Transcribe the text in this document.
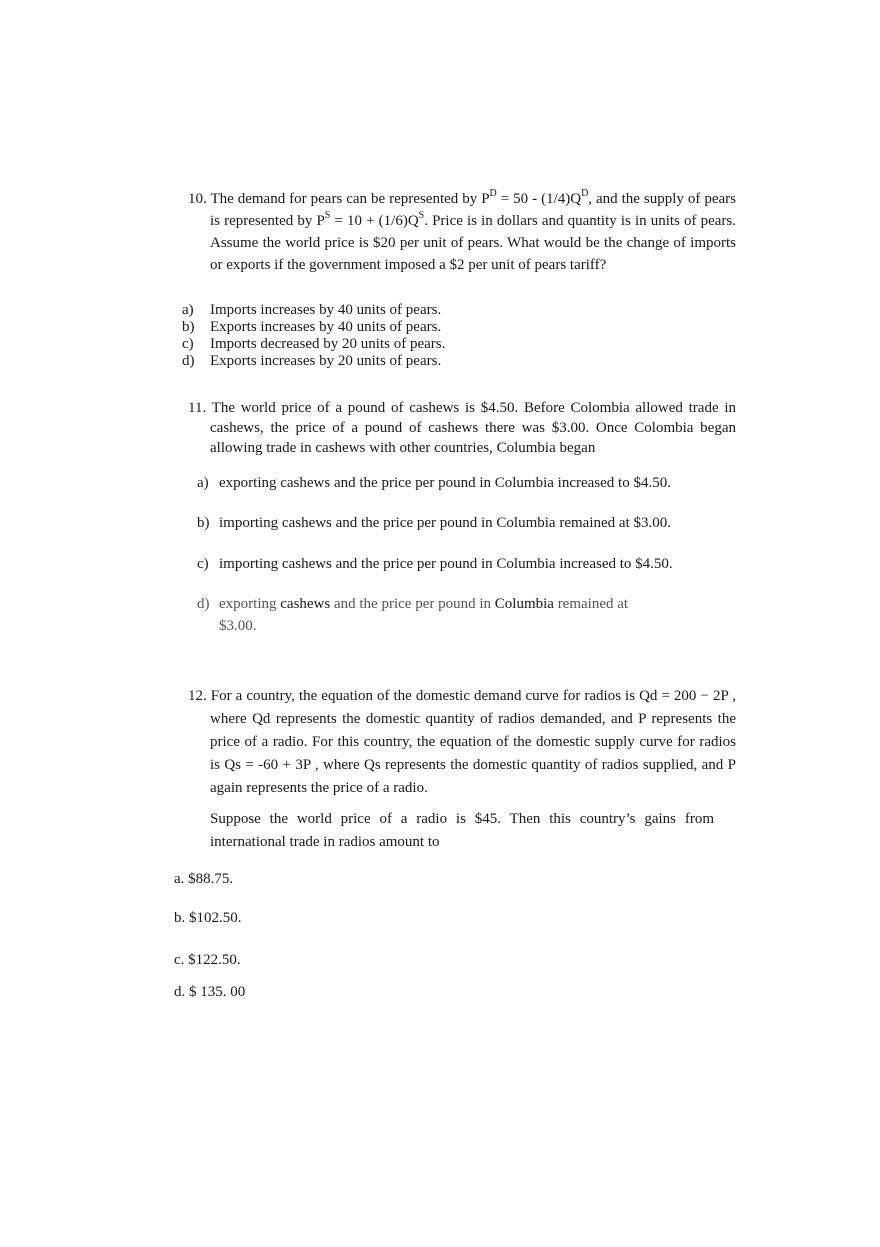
10. The demand for pears can be represented by $P^D = 50 - (1/4)Q^D$, and the supply of pears is represented by $P^S = 10 + (1/6)Q^S$. Price is in dollars and quantity is in units of pears. Assume the world price is $20 per unit of pears. What would be the change of imports or exports if the government imposed a $2 per unit of pears tariff?
a) Imports increases by 40 units of pears.
b) Exports increases by 40 units of pears.
c) Imports decreased by 20 units of pears.
d) Exports increases by 20 units of pears.
11. The world price of a pound of cashews is $4.50. Before Colombia allowed trade in cashews, the price of a pound of cashews there was $3.00. Once Colombia began allowing trade in cashews with other countries, Columbia began
a) exporting cashews and the price per pound in Columbia increased to $4.50.
b) importing cashews and the price per pound in Columbia remained at $3.00.
c) importing cashews and the price per pound in Columbia increased to $4.50.
d) exporting cashews and the price per pound in Columbia remained at
$3.00.
12. For a country, the equation of the domestic demand curve for radios is Qd = 200 − 2P , where Qd represents the domestic quantity of radios demanded, and P represents the price of a radio. For this country, the equation of the domestic supply curve for radios is Qs = -60 + 3P , where Qs represents the domestic quantity of radios supplied, and P again represents the price of a radio.
Suppose the world price of a radio is $45. Then this country’s gains from international trade in radios amount to
a. $88.75.
b. $102.50.
c. $122.50.
d. $ 135. 00
